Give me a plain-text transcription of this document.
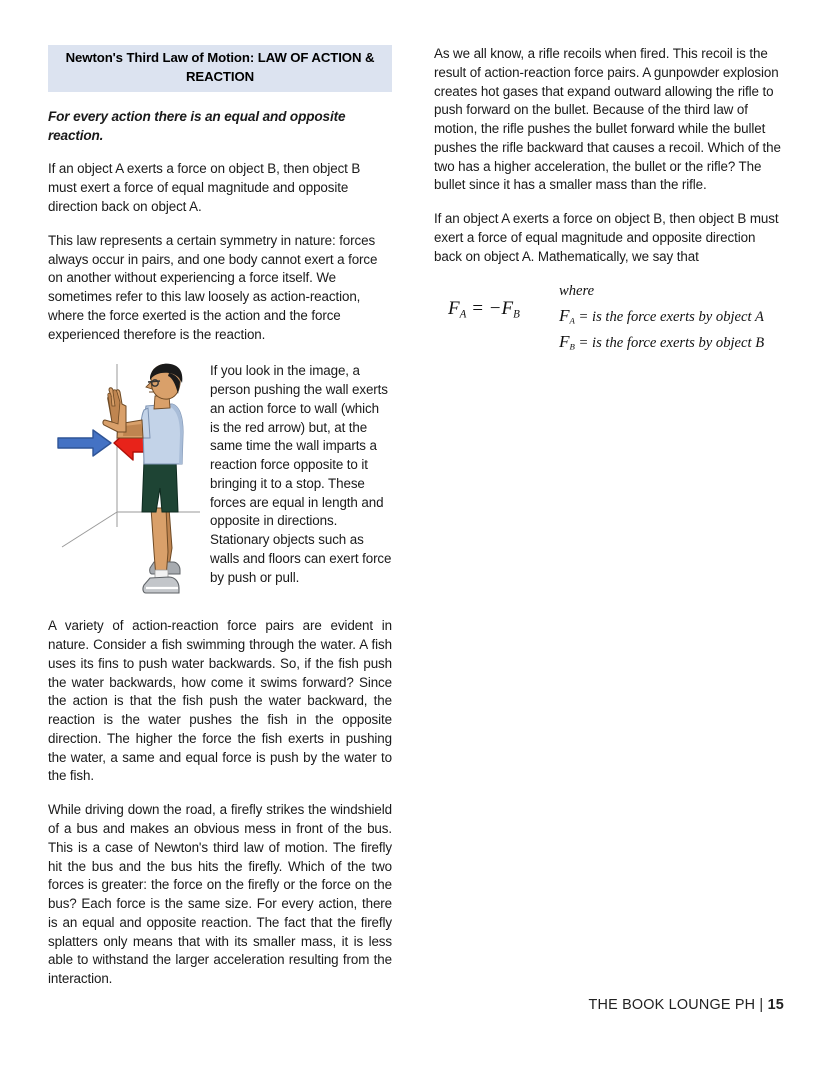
Newton's Third Law of Motion: LAW OF ACTION & REACTION
For every action there is an equal and opposite reaction.

If an object A exerts a force on object B, then object B must exert a force of equal magnitude and opposite direction back on object A.

This law represents a certain symmetry in nature: forces always occur in pairs, and one body cannot exert a force on another without experiencing a force itself. We sometimes refer to this law loosely as action-reaction, where the force exerted is the action and the force experienced therefore is the reaction.

If you look in the image, a person pushing the wall exerts an action force to wall (which is the red arrow) but, at the same time the wall imparts a reaction force opposite to it bringing it to a stop. These forces are equal in length and opposite in directions. Stationary objects such as walls and floors can exert force by push or pull.

A variety of action-reaction force pairs are evident in nature. Consider a fish swimming through the water. A fish uses its fins to push water backwards. So, if the fish push the water backwards, how come it swims forward? Since the action is that the fish push the water backward, the reaction is the water pushes the fish in the opposite direction. The higher the force the fish exerts in pushing the water, a same and equal force is push by the water to the fish.

While driving down the road, a firefly strikes the windshield of a bus and makes an obvious mess in front of the bus. This is a case of Newton's third law of motion. The firefly hit the bus and the bus hits the firefly. Which of the two forces is greater: the force on the firefly or the force on the bus? Each force is the same size. For every action, there is an equal and opposite reaction. The fact that the firefly splatters only means that with its smaller mass, it is less able to withstand the larger acceleration resulting from the interaction.

As we all know, a rifle recoils when fired. This recoil is the result of action-reaction force pairs. A gunpowder explosion creates hot gases that expand outward allowing the rifle to push forward on the bullet. Because of the third law of motion, the rifle pushes the bullet forward while the bullet pushes the rifle backward that causes a recoil. Which of the two has a higher acceleration, the bullet or the rifle? The bullet since it has a smaller mass than the rifle.

If an object A exerts a force on object B, then object B must exert a force of equal magnitude and opposite direction back on object A. Mathematically, we say that

$F_A = -F_B$
where
$F_A$ = is the force exerts by object A
$F_B$ = is the force exerts by object B
THE BOOK LOUNGE PH | 15
